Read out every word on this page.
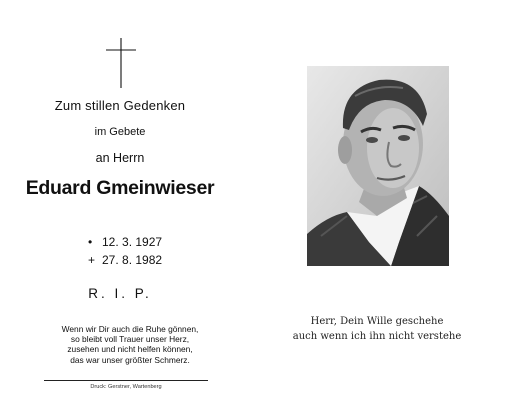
Zum stillen Gedenken
im Gebete
an Herrn
Eduard Gmeinwieser
• 12. 3. 1927
+ 27. 8. 1982
R. I. P.
Wenn wir Dir auch die Ruhe gönnen,
so bleibt voll Trauer unser Herz,
zusehen und nicht helfen können,
das war unser größter Schmerz.
Druck: Gerstner, Wartenberg
Herr, Dein Wille geschehe
auch wenn ich ihn nicht verstehe
